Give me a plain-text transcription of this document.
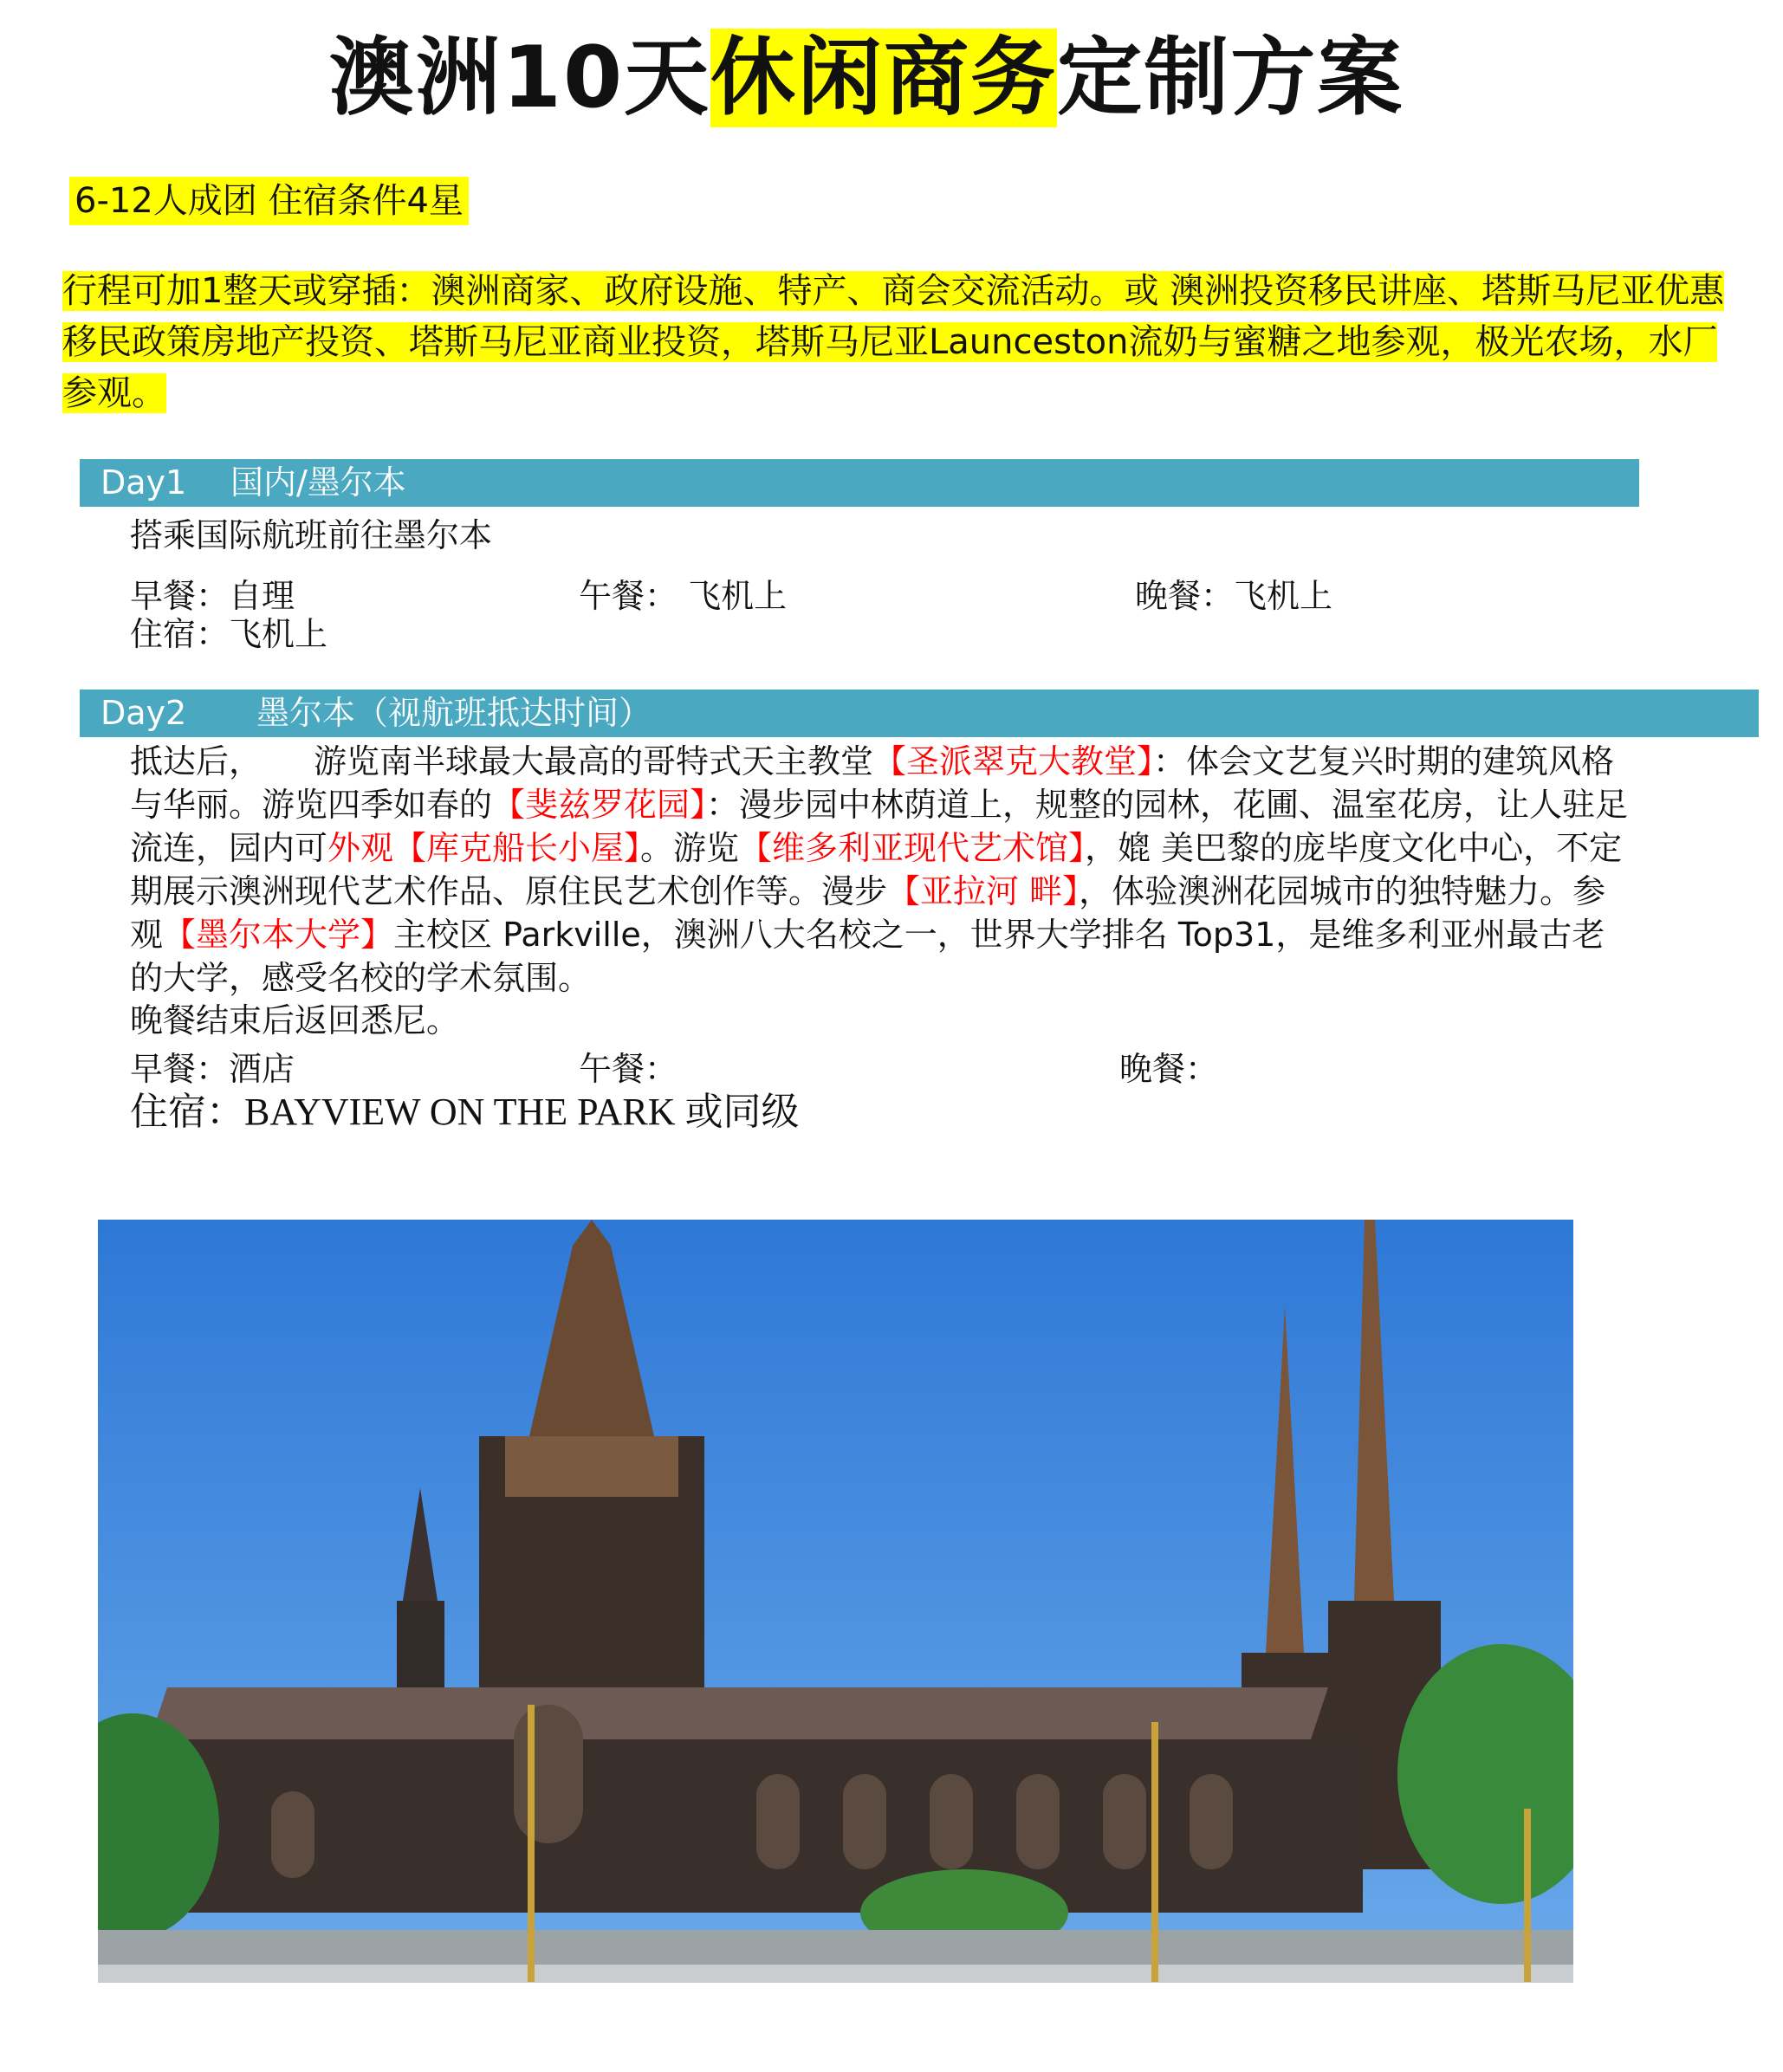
澳洲10天休闲商务定制方案
6-12人成团 住宿条件4星
行程可加1整天或穿插：澳洲商家、政府设施、特产、商会交流活动。或 澳洲投资移民讲座、塔斯马尼亚优惠移民政策房地产投资、塔斯马尼亚商业投资，塔斯马尼亚Launceston流奶与蜜糖之地参观，极光农场，水厂参观。
Day1 国内/墨尔本
搭乘国际航班前往墨尔本
早餐：自理	午餐： 飞机上	晚餐：飞机上
住宿：飞机上
Day2 墨尔本（视航班抵达时间）
抵达后， 游览南半球最大最高的哥特式天主教堂【圣派翠克大教堂】：体会文艺复兴时期的建筑风格与华丽。游览四季如春的【斐兹罗花园】：漫步园中林荫道上，规整的园林，花圃、温室花房，让人驻足流连，园内可外观【库克船长小屋】。游览【维多利亚现代艺术馆】，媲 美巴黎的庞毕度文化中心，不定期展示澳洲现代艺术作品、原住民艺术创作等。漫步【亚拉河 畔】，体验澳洲花园城市的独特魅力。参观【墨尔本大学】主校区 Parkville，澳洲八大名校之一，世界大学排名 Top31，是维多利亚州最古老的大学，感受名校的学术氛围。
晚餐结束后返回悉尼。
早餐：酒店	午餐：	晚餐：
住宿：BAYVIEW ON THE PARK 或同级
